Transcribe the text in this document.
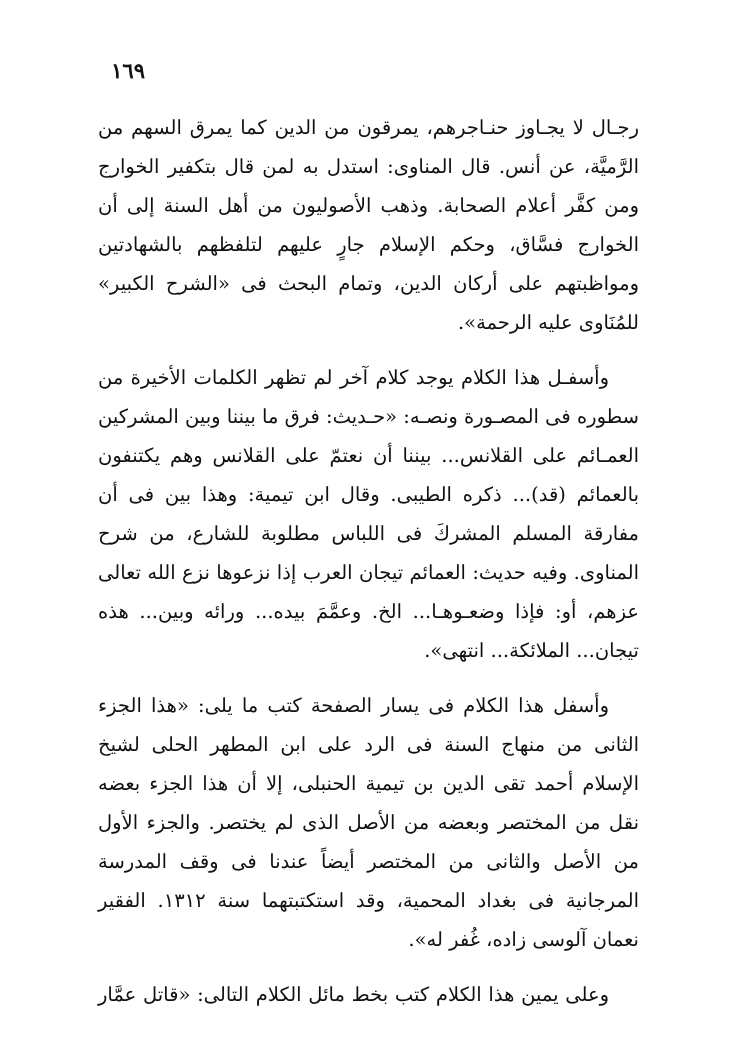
١٦٩

رجـال لا يجـاوز حنـاجرهم، يمرقون من الدين كما يمرق السهم من الرَّميَّة، عن أنس. قال المناوى: استدل به لمن قال بتكفير الخوارج ومن كفَّر أعلام الصحابة. وذهب الأصوليون من أهل السنة إلى أن الخوارج فسَّاق، وحكم الإسلام جارٍ عليهم لتلفظهم بالشهادتين ومواظبتهم على أركان الدين، وتمام البحث فى «الشرح الكبير» للمُنَاوى عليه الرحمة».

وأسفـل هذا الكلام يوجد كلام آخر لم تظهر الكلمات الأخيرة من سطوره فى المصـورة ونصـه: «حـديث: فرق ما بيننا وبين المشركين العمـائم على القلانس... بيننا أن نعتمّ على القلانس وهم يكتنفون بالعمائم (قد)... ذكره الطيبى. وقال ابن تيمية: وهذا بين فى أن مفارقة المسلم المشركَ فى اللباس مطلوبة للشارع، من شرح المناوى. وفيه حديث: العمائم تيجان العرب إذا نزعوها نزع الله تعالى عزهم، أو: فإذا وضعـوهـا... الخ. وعمَّمَ بيده... ورائه وبين... هذه تيجان... الملائكة... انتهى».

وأسفل هذا الكلام فى يسار الصفحة كتب ما يلى: «هذا الجزء الثانى من منهاج السنة فى الرد على ابن المطهر الحلى لشيخ الإسلام أحمد تقى الدين بن تيمية الحنبلى، إلا أن هذا الجزء بعضه نقل من المختصر وبعضه من الأصل الذى لم يختصر. والجزء الأول من الأصل والثانى من المختصر أيضاً عندنا فى وقف المدرسة المرجانية فى بغداد المحمية، وقد استكتبتهما سنة ١٣١٢. الفقير نعمان آلوسى زاده، غُفر له».

وعلى يمين هذا الكلام كتب بخط مائل الكلام التالى: «قاتل عمَّار
